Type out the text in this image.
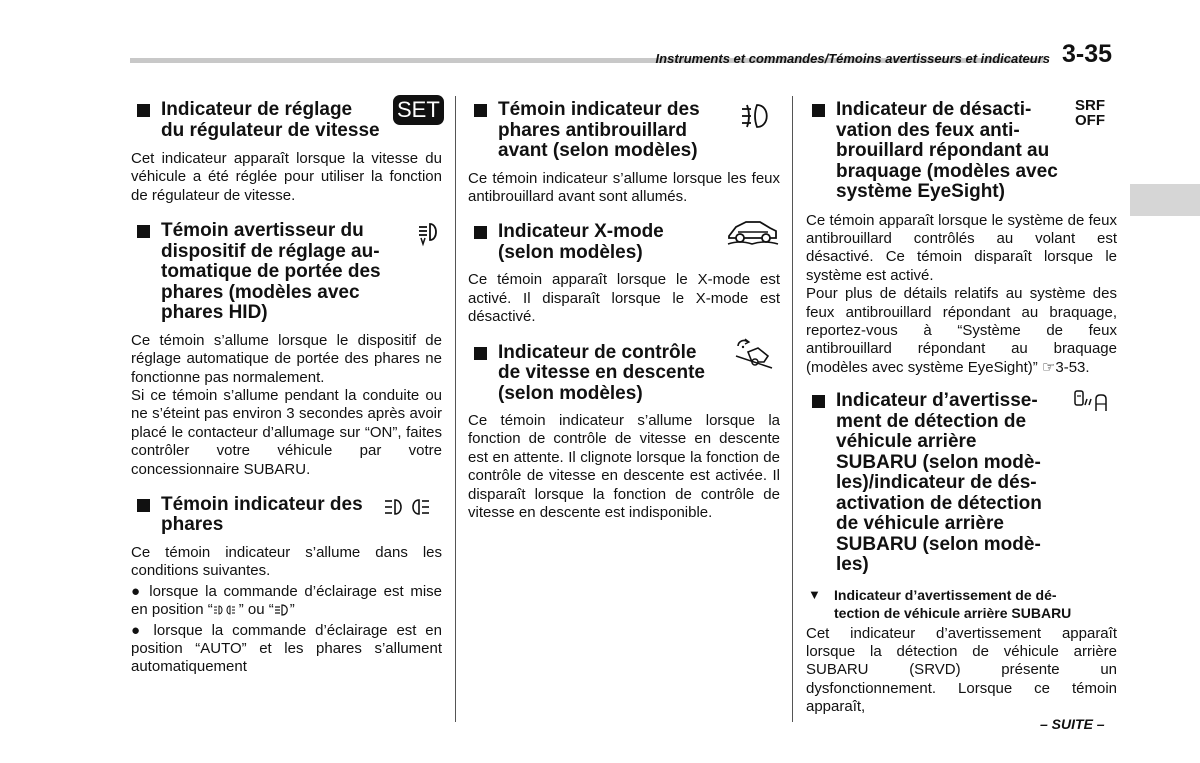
Instruments et commandes/Témoins avertisseurs et indicateurs 3-35
Indicateur de réglage
du régulateur de vitesse
SET
Cet indicateur apparaît lorsque la vitesse du véhicule a été réglée pour utiliser la fonction de régulateur de vitesse.
Témoin avertisseur du
dispositif de réglage au-
tomatique de portée des
phares (modèles avec
phares HID)
Ce témoin s’allume lorsque le dispositif de réglage automatique de portée des phares ne fonctionne pas normalement.
Si ce témoin s’allume pendant la conduite ou ne s’éteint pas environ 3 secondes après avoir placé le contacteur d’allumage sur “ON”, faites contrôler votre véhicule par votre concessionnaire SUBARU.
Témoin indicateur des
phares
Ce témoin indicateur s’allume dans les conditions suivantes.
● lorsque la commande d’éclairage est mise en position “ ” ou “ ”
● lorsque la commande d’éclairage est en position “AUTO” et les phares s’allument automatiquement
Témoin indicateur des
phares antibrouillard
avant (selon modèles)
Ce témoin indicateur s’allume lorsque les feux antibrouillard avant sont allumés.
Indicateur X-mode
(selon modèles)
Ce témoin apparaît lorsque le X-mode est activé. Il disparaît lorsque le X-mode est désactivé.
Indicateur de contrôle
de vitesse en descente
(selon modèles)
Ce témoin indicateur s’allume lorsque la fonction de contrôle de vitesse en descente est en attente. Il clignote lorsque la fonction de contrôle de vitesse en descente est activée. Il disparaît lorsque la fonction de contrôle de vitesse en descente est indisponible.
Indicateur de désacti-
vation des feux anti-
brouillard répondant au
braquage (modèles avec
système EyeSight)
SRF
OFF
Ce témoin apparaît lorsque le système de feux antibrouillard contrôlés au volant est désactivé. Ce témoin disparaît lorsque le système est activé.
Pour plus de détails relatifs au système des feux antibrouillard répondant au braquage, reportez-vous à “Système de feux antibrouillard répondant au braquage (modèles avec système EyeSight)” ☞3-53.
Indicateur d’avertisse-
ment de détection de
véhicule arrière
SUBARU (selon modè-
les)/indicateur de dés-
activation de détection
de véhicule arrière
SUBARU (selon modè-
les)
▼ Indicateur d’avertissement de dé-
tection de véhicule arrière SUBARU
Cet indicateur d’avertissement apparaît lorsque la détection de véhicule arrière SUBARU (SRVD) présente un dysfonctionnement. Lorsque ce témoin apparaît,
– SUITE –
